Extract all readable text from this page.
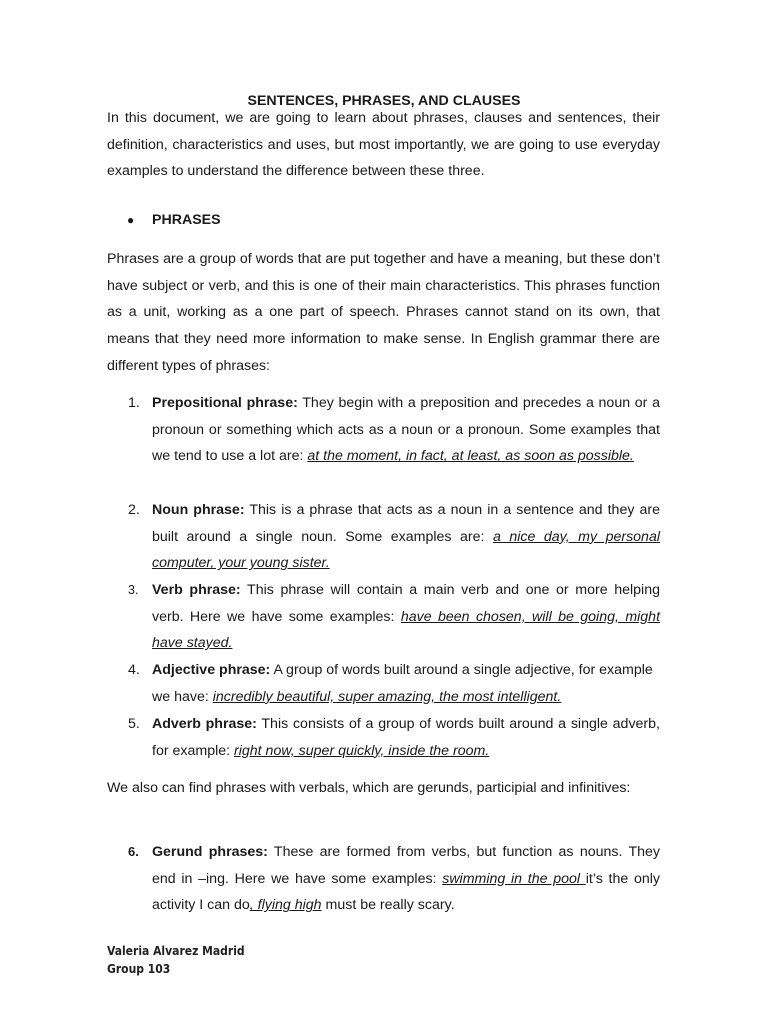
SENTENCES, PHRASES, AND CLAUSES

In this document, we are going to learn about phrases, clauses and sentences, their definition, characteristics and uses, but most importantly, we are going to use everyday examples to understand the difference between these three.

● PHRASES

Phrases are a group of words that are put together and have a meaning, but these don’t have subject or verb, and this is one of their main characteristics. This phrases function as a unit, working as a one part of speech. Phrases cannot stand on its own, that means that they need more information to make sense. In English grammar there are different types of phrases:

1. Prepositional phrase: They begin with a preposition and precedes a noun or a pronoun or something which acts as a noun or a pronoun. Some examples that we tend to use a lot are: at the moment, in fact, at least, as soon as possible.
2. Noun phrase: This is a phrase that acts as a noun in a sentence and they are built around a single noun. Some examples are: a nice day, my personal computer, your young sister.
3. Verb phrase: This phrase will contain a main verb and one or more helping verb. Here we have some examples: have been chosen, will be going, might have stayed.
4. Adjective phrase: A group of words built around a single adjective, for example we have: incredibly beautiful, super amazing, the most intelligent.
5. Adverb phrase: This consists of a group of words built around a single adverb, for example: right now, super quickly, inside the room.

We also can find phrases with verbals, which are gerunds, participial and infinitives:

6. Gerund phrases: These are formed from verbs, but function as nouns. They end in –ing. Here we have some examples: swimming in the pool it’s the only activity I can do, flying high must be really scary.
Valeria Alvarez Madrid
Group 103
